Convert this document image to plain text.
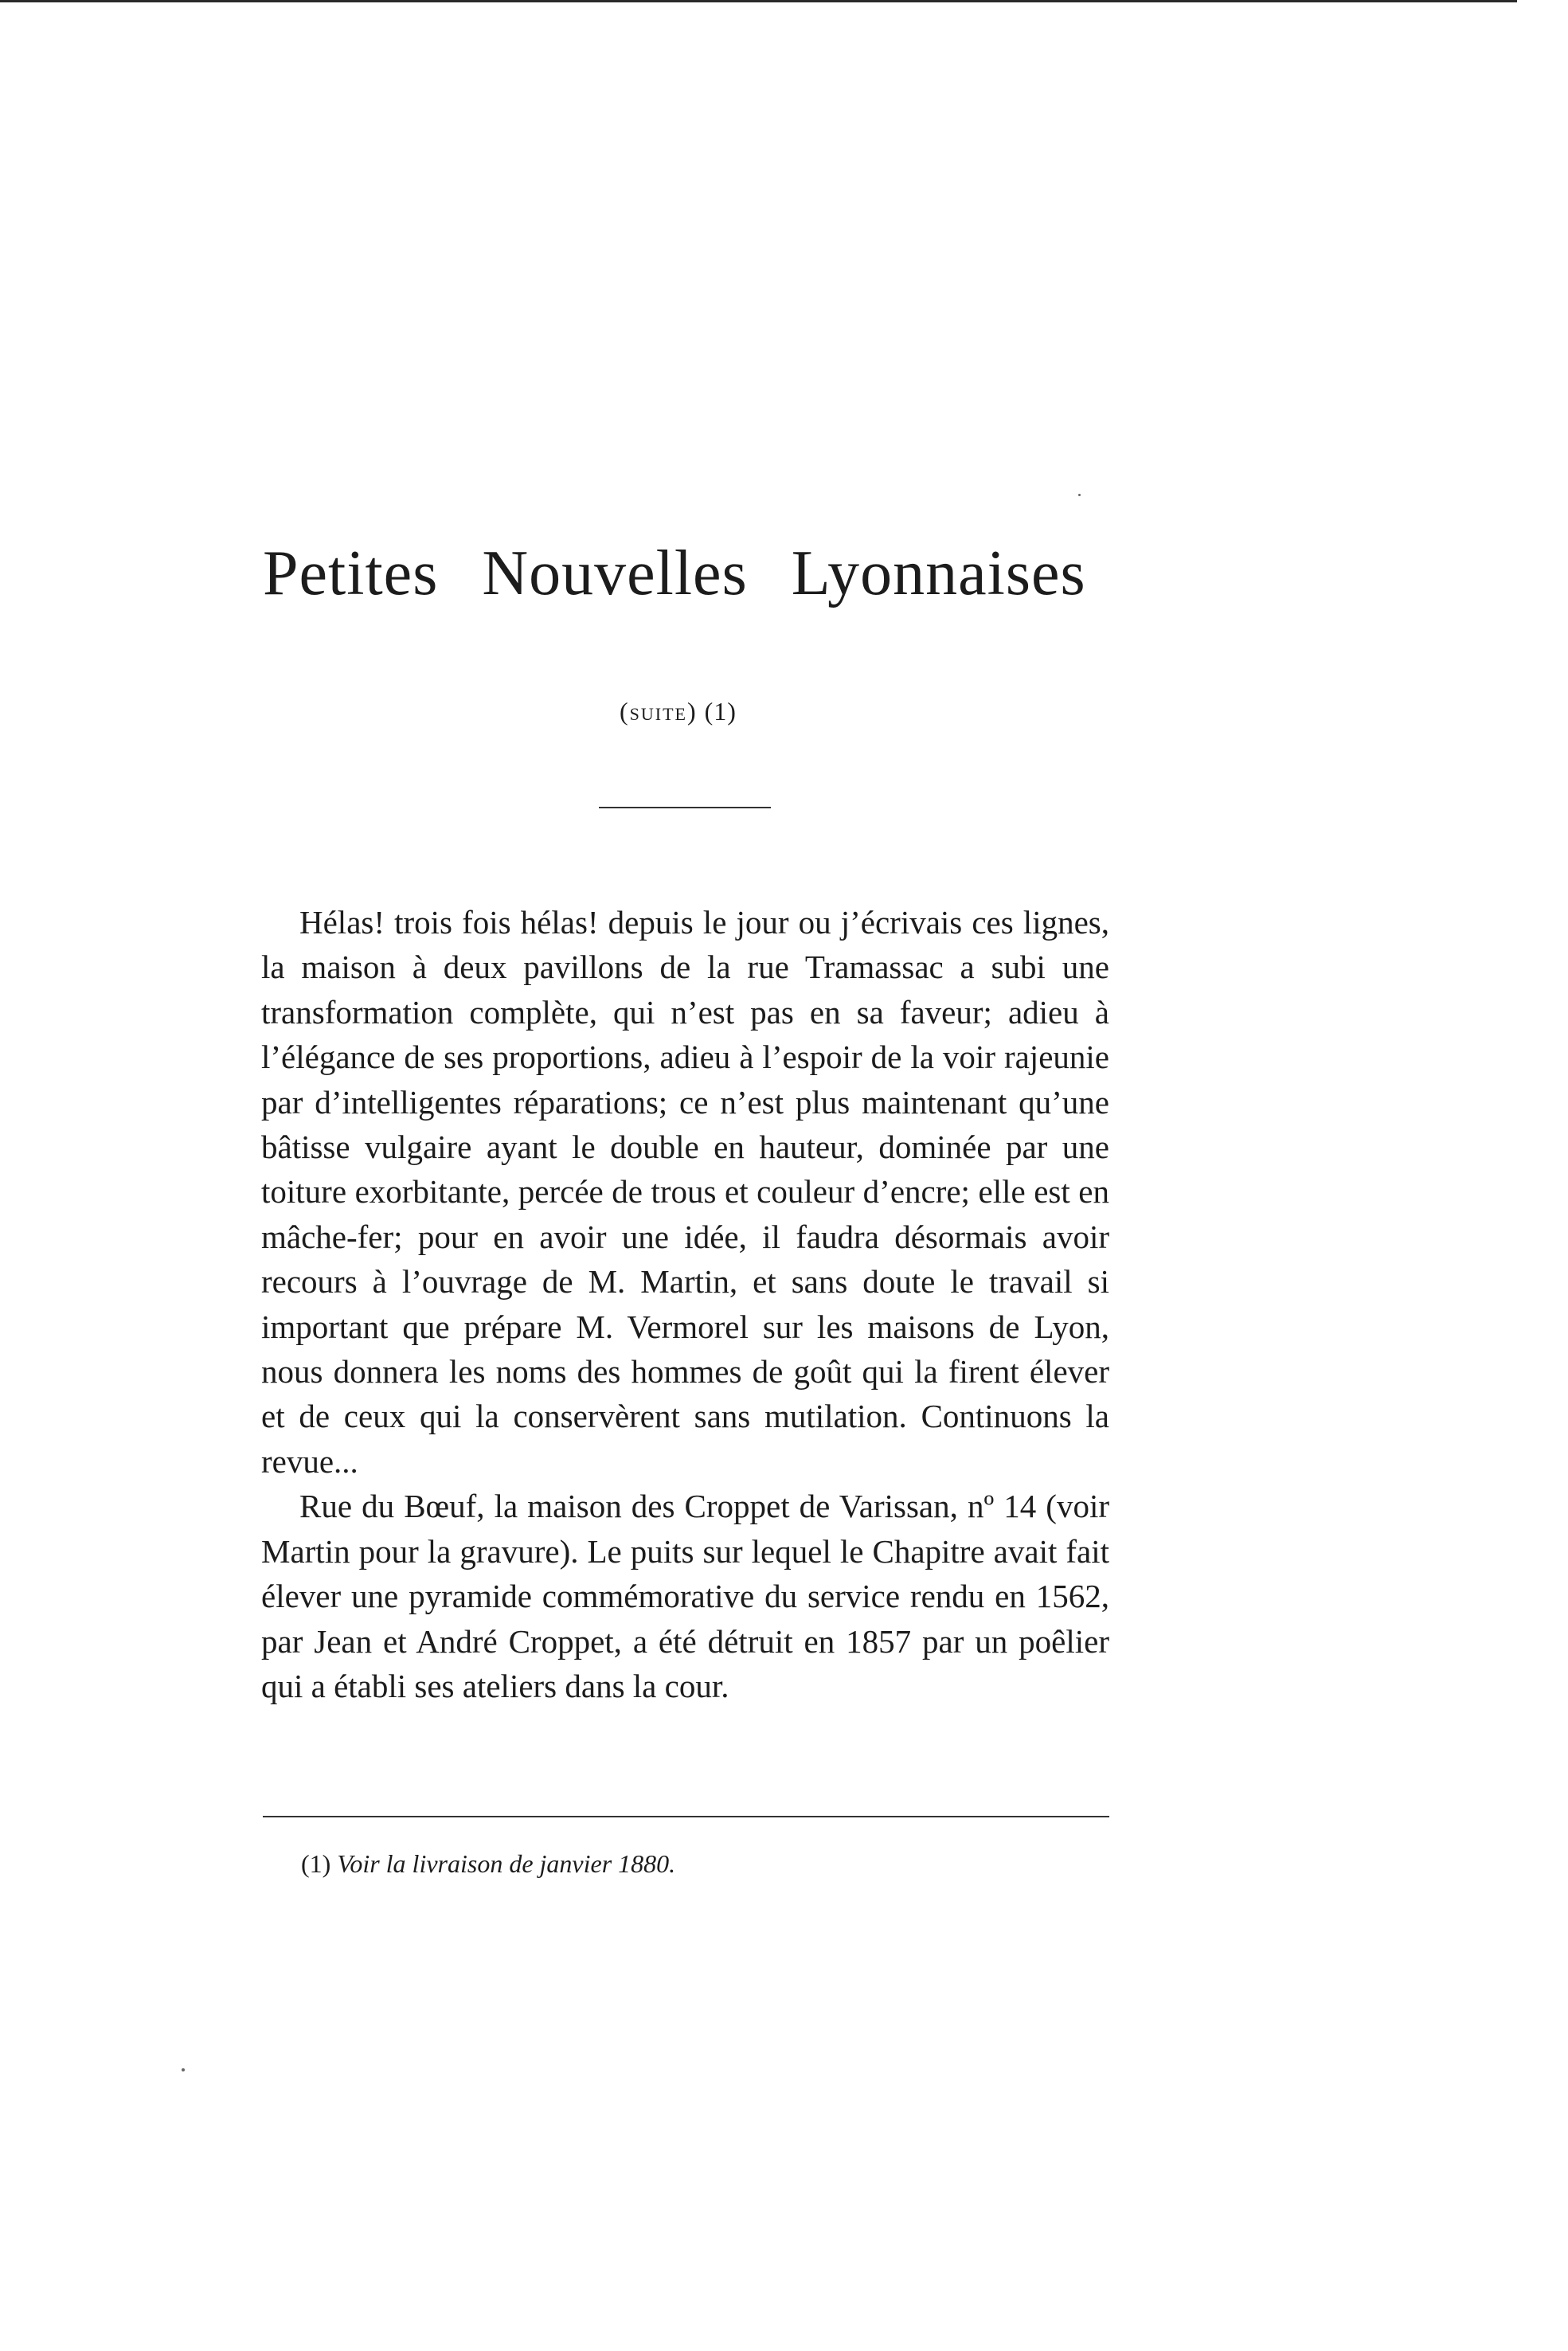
Petites Nouvelles Lyonnaises
(suite) (1)

Hélas! trois fois hélas! depuis le jour ou j’écrivais ces lignes, la maison à deux pavillons de la rue Tramassac a subi une transformation complète, qui n’est pas en sa faveur; adieu à l’élégance de ses proportions, adieu à l’espoir de la voir rajeunie par d’intelligentes réparations; ce n’est plus maintenant qu’une bâtisse vulgaire ayant le double en hauteur, dominée par une toiture exorbitante, percée de trous et couleur d’encre; elle est en mâche-fer; pour en avoir une idée, il faudra désormais avoir recours à l’ouvrage de M. Martin, et sans doute le travail si important que prépare M. Vermorel sur les maisons de Lyon, nous donnera les noms des hommes de goût qui la firent élever et de ceux qui la conservèrent sans mutilation. Continuons la revue...

Rue du Bœuf, la maison des Croppet de Varissan, nº 14 (voir Martin pour la gravure). Le puits sur lequel le Chapitre avait fait élever une pyramide commémorative du service rendu en 1562, par Jean et André Croppet, a été détruit en 1857 par un poêlier qui a établi ses ateliers dans la cour.

(1) Voir la livraison de janvier 1880.
